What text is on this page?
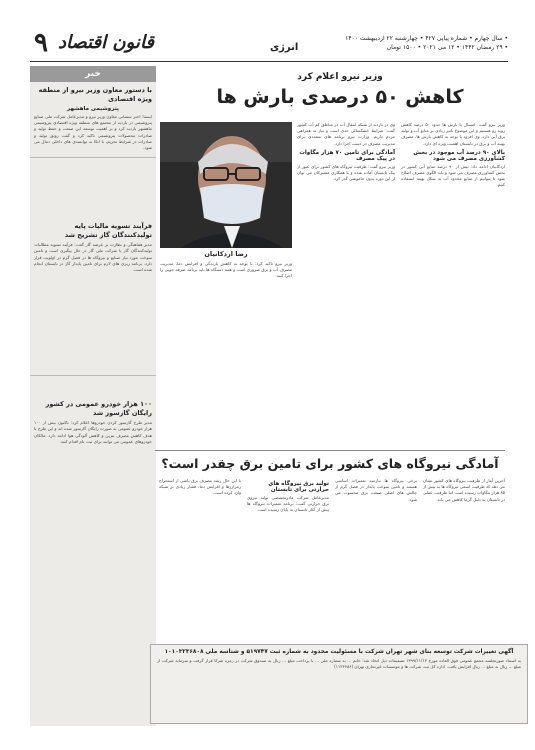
۹ قانون اقتصاد	انرژی
• سال چهارم • شماره پیاپی ۴۲۷ • چهارشنبه ۲۲ اردیبهشت ۱۴۰۰
• ۲۹ رمضان ۱۴۴۲ • ۱۲ می ۲۰۲۱ • ۱۵۰۰ تومان
خبر
با دستور معاون وزیر نیرو از منطقه ویژه اقتصادی
پتروشیمی ماهشهر
ایسنا: اختر سمنانی معاون وزیر نیرو و مدیرعامل شرکت ملی صنایع پتروشیمی در بازدید از مجتمع های منطقه ویژه اقتصادی پتروشیمی ماهشهر بازدید کرد و بر اهمیت توسعه این صنعت و حفظ تولید و صادرات محصولات پتروشیمی تاکید کرد و گفت رونق تولید و صادرات در شرایط تحریم، با اتکا به توانمندی های داخلی دنبال می شود.
فرآیند تسویه مالیات پایه تولیدکنندگان گاز تشریح شد
مدیر هماهنگی و نظارت بر عرضه گاز گفت: فرآیند تسویه مطالبات تولیدکنندگان گاز با شرکت ملی گاز در حال پیگیری است و تامین سوخت مورد نیاز صنایع و نیروگاه ها در فصل گرم در اولویت قرار دارد. برنامه ریزی های لازم برای تامین پایدار گاز در تابستان انجام شده است.
۱۰۰ هزار خودرو عمومی در کشور رایگان گازسوز شد
مدیر طرح گازسوز کردن خودروها اعلام کرد: تاکنون بیش از ۱۰۰ هزار خودرو عمومی به صورت رایگان گازسوز شده اند و این طرح با هدف کاهش مصرف بنزین و کاهش آلودگی هوا ادامه دارد. مالکان خودروهای عمومی می توانند برای ثبت نام اقدام کنند.
وزیر نیرو اعلام کرد
کاهش ۵۰ درصدی بارش ها
وزیر نیرو گفت: امسال با بارش ها حدود ۵۰ درصد کاهش روبه رو هستیم و این موضوع تاثیر زیادی بر منابع آب و تولید برق آبی دارد. وی افزود با توجه به کاهش بارش ها، مصرف بهینه آب و برق در تابستان اهمیت ویژه ای دارد.
بالای ۹۰ درصد آب موجود در بخش کشاورزی مصرف می شود
اردکانیان ادامه داد: بیش از ۹۰ درصد منابع آبی کشور در بخش کشاورزی مصرف می شود و باید الگوی مصرف اصلاح شود تا بتوانیم از منابع محدود آب به شکل بهینه استفاده کنیم.
وی در بازدید از شبکه انتقال آب در مناطق کم آب کشور گفت: شرایط خشکسالی جدی است و نیاز به همراهی مردم داریم. وزارت نیرو برنامه های متعددی برای مدیریت مصرف در دست اجرا دارد.
آمادگی برای تامین ۷۰ هزار مگاوات در پیک مصرف
وزیر نیرو گفت: ظرفیت نیروگاه های کشور برای عبور از پیک تابستان آماده شده و با همکاری مشترکان می توان از این دوره بدون خاموشی گذر کرد.
رضا اردکانیان
وزیر نیرو تاکید کرد: با توجه به کاهش بارندگی و افزایش دما، مدیریت مصرف آب و برق ضروری است و همه دستگاه ها باید برنامه صرفه جویی را اجرا کنند.
آمادگی نیروگاه های کشور برای تامین برق چقدر است؟
آخرین آمار از ظرفیت نیروگاه های کشور نشان می دهد که ظرفیت اسمی نیروگاه ها به بیش از ۸۵ هزار مگاوات رسیده است اما ظرفیت عملی در تابستان به دلیل گرما کاهش می یابد.
برخی نیروگاه ها نیازمند تعمیرات اساسی هستند و تامین سوخت پایدار در فصل گرم از چالش های اصلی صنعت برق محسوب می شود.
تولید برق نیروگاه های حرارتی برای تابستان
مدیرعامل شرکت مادرتخصصی تولید نیروی برق حرارتی گفت: برنامه تعمیرات نیروگاه ها پیش از آغاز تابستان به پایان رسیده است.
با این حال رشد مصرف برق ناشی از استخراج رمزارزها و افزایش دما، فشار زیادی بر شبکه وارد کرده است.
آگهی تغییرات شرکت توسعه بنای شهر تهران شرکت با مسئولیت محدود به شماره ثبت ۵۱۹۷۴۷ و شناسه ملی ۱۰۱۰۳۲۳۶۸۰۸
به استناد صورتجلسه مجمع عمومی فوق العاده مورخ ۱۳۹۹/۱۱/۱۳ تصمیمات ذیل اتخاذ شد: خانم ... به شماره ملی ... با پرداخت مبلغ ... ریال به صندوق شرکت در زمره شرکا قرار گرفت و سرمایه شرکت از مبلغ ... ریال به مبلغ ... ریال افزایش یافت. اداره کل ثبت شرکت ها و موسسات غیرتجاری تهران (۱۱۲۳۶۸۶)
